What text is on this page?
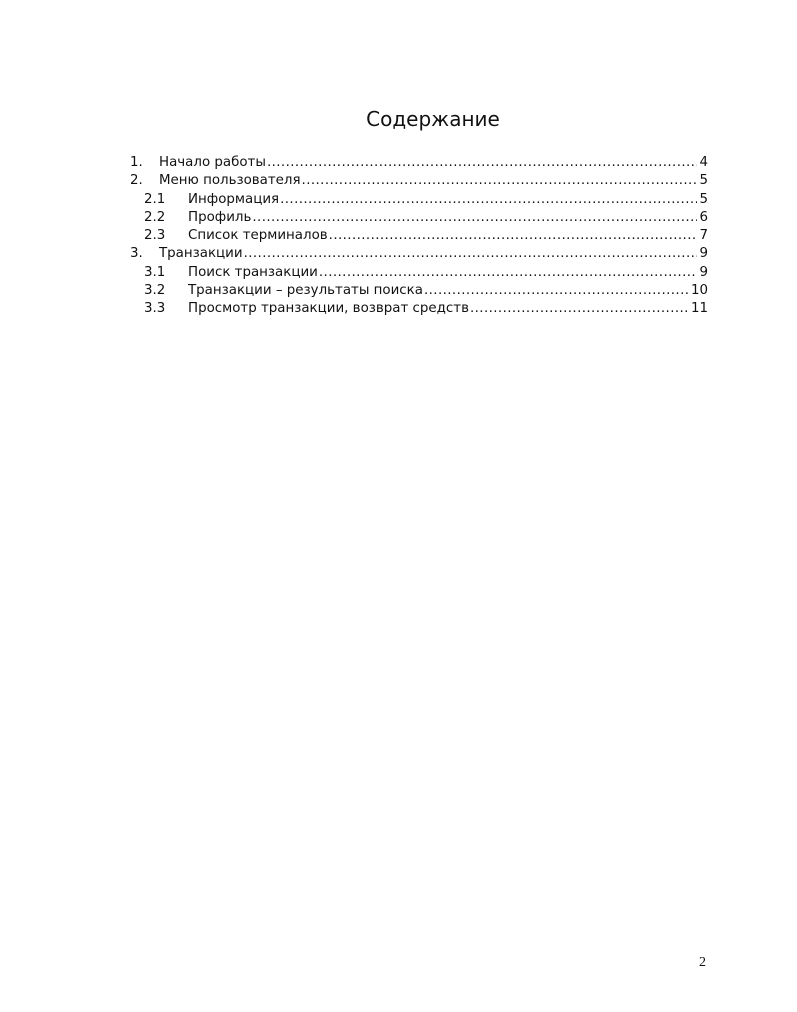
Содержание
1.	Начало работы .....	4
2.	Меню пользователя .....	5
2.1	Информация .....	5
2.2	Профиль .....	6
2.3	Список терминалов .....	7
3.	Транзакции .....	9
3.1	Поиск транзакции .....	9
3.2	Транзакции – результаты поиска .....	10
3.3	Просмотр транзакции, возврат средств .....	11
2
